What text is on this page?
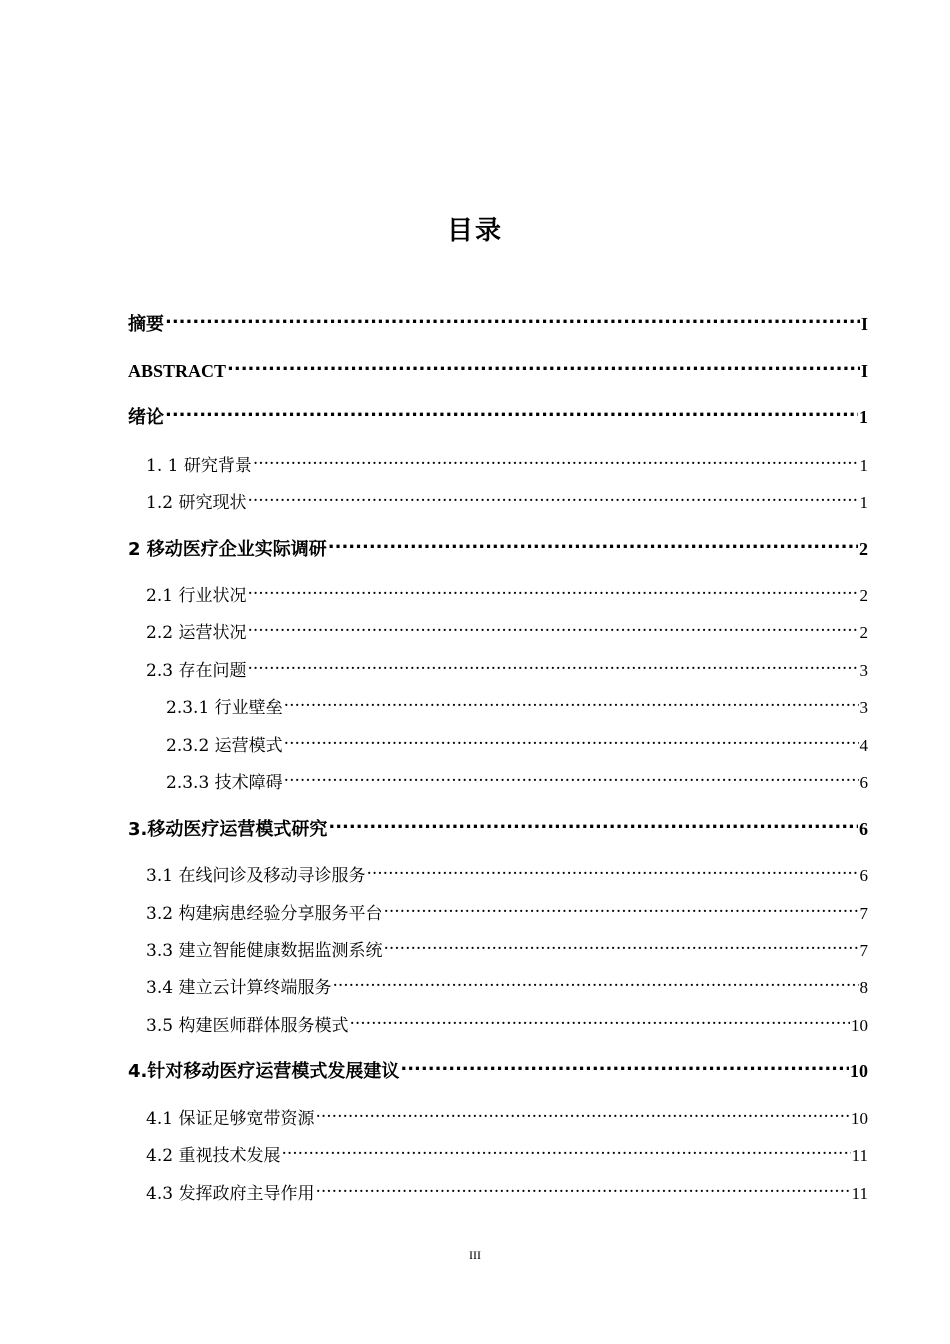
目录
摘要 .....	I
ABSTRACT .....	I
绪论 .....	1
1. 1 研究背景 .....	1
1.2 研究现状 .....	1
2 移动医疗企业实际调研 .....	2
2.1 行业状况 .....	2
2.2 运营状况 .....	2
2.3 存在问题 .....	3
2.3.1 行业壁垒 .....	3
2.3.2 运营模式 .....	4
2.3.3 技术障碍 .....	6
3.移动医疗运营模式研究 .....	6
3.1 在线问诊及移动寻诊服务 .....	6
3.2 构建病患经验分享服务平台 .....	7
3.3 建立智能健康数据监测系统 .....	7
3.4 建立云计算终端服务 .....	8
3.5 构建医师群体服务模式 .....	10
4.针对移动医疗运营模式发展建议 .....	10
4.1 保证足够宽带资源 .....	10
4.2 重视技术发展 .....	11
4.3 发挥政府主导作用 .....	11
III
